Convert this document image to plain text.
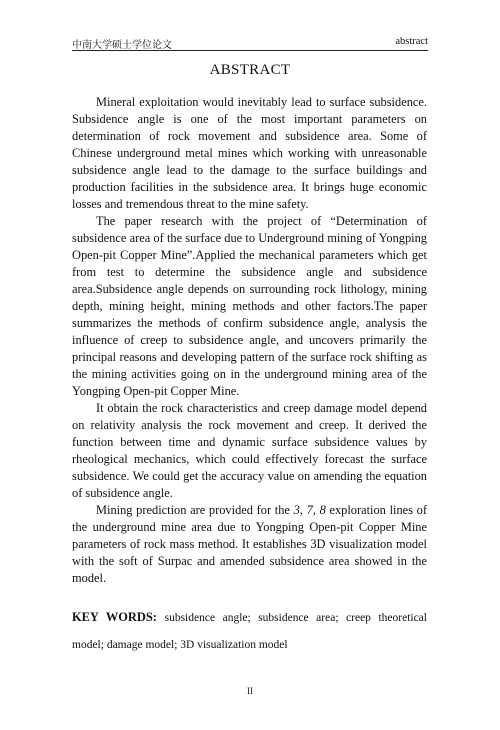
中南大学硕士学位论文	abstract
ABSTRACT

Mineral exploitation would inevitably lead to surface subsidence. Subsidence angle is one of the most important parameters on determination of rock movement and subsidence area. Some of Chinese underground metal mines which working with unreasonable subsidence angle lead to the damage to the surface buildings and production facilities in the subsidence area. It brings huge economic losses and tremendous threat to the mine safety.

The paper research with the project of “Determination of subsidence area of the surface due to Underground mining of Yongping Open-pit Copper Mine”.Applied the mechanical parameters which get from test to determine the subsidence angle and subsidence area.Subsidence angle depends on surrounding rock lithology, mining depth, mining height, mining methods and other factors.The paper summarizes the methods of confirm subsidence angle, analysis the influence of creep to subsidence angle, and uncovers primarily the principal reasons and developing pattern of the surface rock shifting as the mining activities going on in the underground mining area of the Yongping Open-pit Copper Mine.

It obtain the rock characteristics and creep damage model depend on relativity analysis the rock movement and creep. It derived the function between time and dynamic surface subsidence values by rheological mechanics, which could effectively forecast the surface subsidence. We could get the accuracy value on amending the equation of subsidence angle.

Mining prediction are provided for the 3, 7, 8 exploration lines of the underground mine area due to Yongping Open-pit Copper Mine parameters of rock mass method. It establishes 3D visualization model with the soft of Surpac and amended subsidence area showed in the model.

KEY WORDS: subsidence angle; subsidence area; creep theoretical model; damage model; 3D visualization model
II
